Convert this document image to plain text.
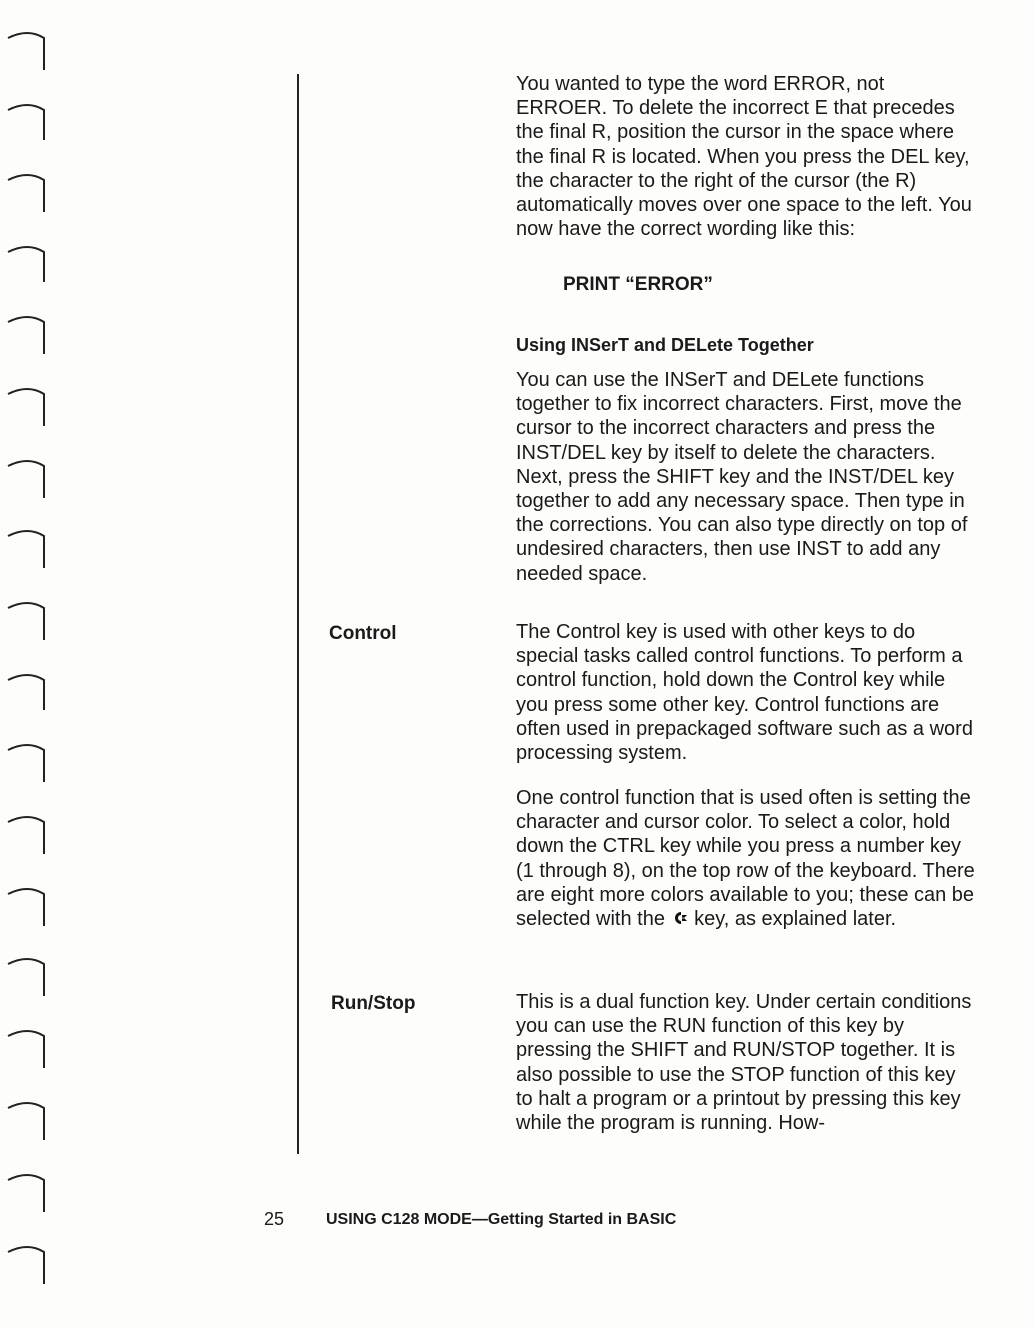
You wanted to type the word ERROR, not ERROER. To delete the incorrect E that precedes the final R, position the cursor in the space where the final R is located. When you press the DEL key, the character to the right of the cursor (the R) automatically moves over one space to the left. You now have the correct wording like this:

PRINT “ERROR”
Using INSerT and DELete Together

You can use the INSerT and DELete functions together to fix incorrect characters. First, move the cursor to the incorrect characters and press the INST/DEL key by itself to delete the characters. Next, press the SHIFT key and the INST/DEL key together to add any necessary space. Then type in the corrections. You can also type directly on top of undesired characters, then use INST to add any needed space.

Control	The Control key is used with other keys to do special tasks called control functions. To perform a control function, hold down the Control key while you press some other key. Control functions are often used in prepackaged software such as a word processing system.

One control function that is used often is setting the character and cursor color. To select a color, hold down the CTRL key while you press a number key (1 through 8), on the top row of the keyboard. There are eight more colors available to you; these can be selected with the key, as explained later.

Run/Stop	This is a dual function key. Under certain conditions you can use the RUN function of this key by pressing the SHIFT and RUN/STOP together. It is also possible to use the STOP function of this key to halt a program or a printout by pressing this key while the program is running. How-

25	USING C128 MODE—Getting Started in BASIC
